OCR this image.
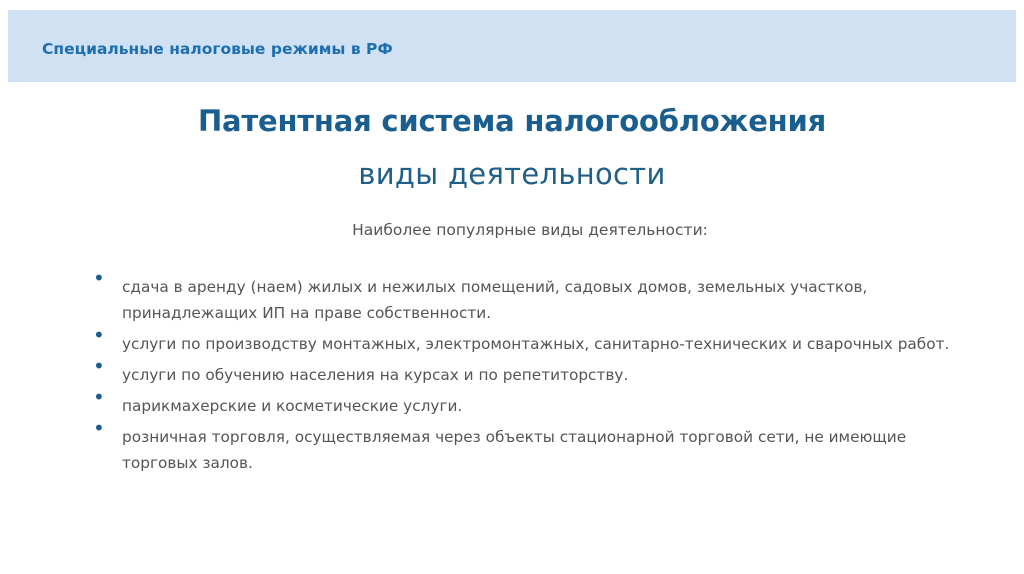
Специальные налоговые режимы в РФ
Патентная система налогообложения
виды деятельности
Наиболее популярные виды деятельности:
• сдача в аренду (наем) жилых и нежилых помещений, садовых домов, земельных участков, принадлежащих ИП на праве собственности.
• услуги по производству монтажных, электромонтажных, санитарно-технических и сварочных работ.
• услуги по обучению населения на курсах и по репетиторству.
• парикмахерские и косметические услуги.
• розничная торговля, осуществляемая через объекты стационарной торговой сети, не имеющие торговых залов.
